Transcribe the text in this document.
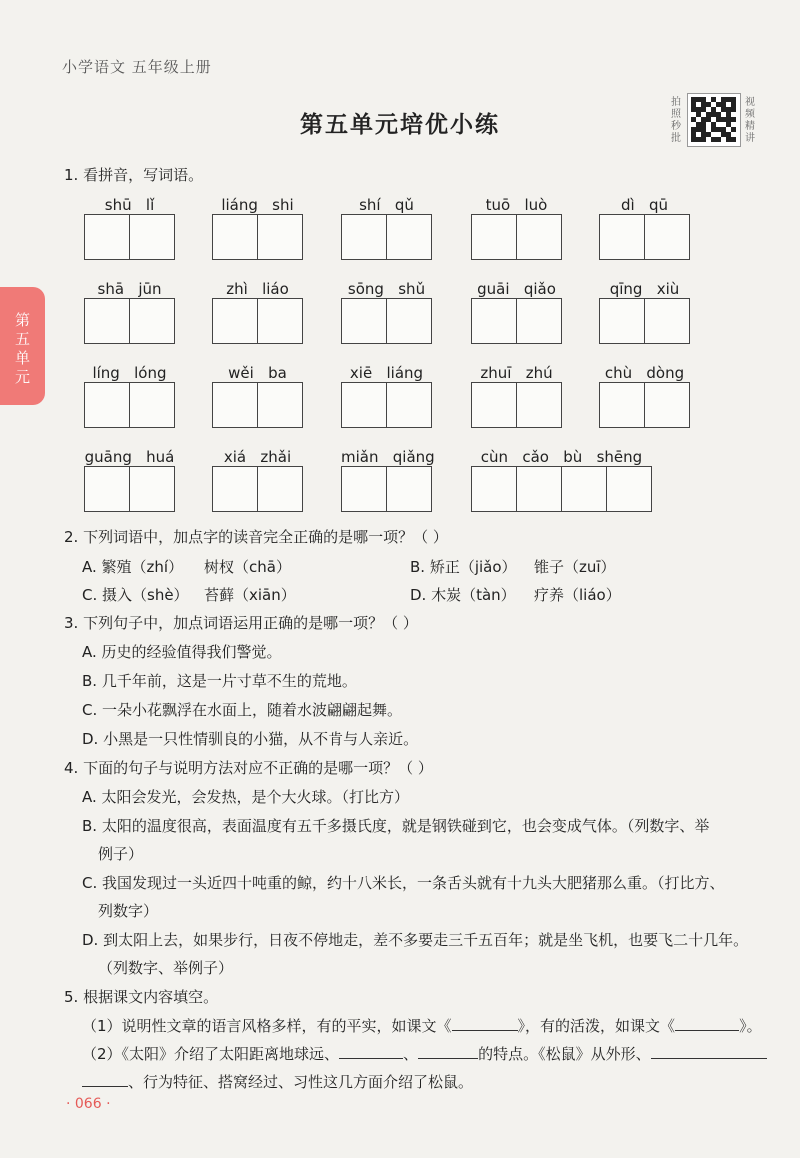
小学语文 五年级上册
第五单元培优小练
拍照秒批
视频精讲
第
五
单
元
1. 看拼音，写词语。
shū   lǐ	liáng   shi	shí   qǔ	tuō   luò	dì   qū
shā   jūn	zhì   liáo	sōng   shǔ	guāi   qiǎo	qīng   xiù
líng   lóng	wěi   ba	xiē   liáng	zhuī   zhú	chù   dòng
guāng   huá	xiá   zhǎi	miǎn   qiǎng	cùn   cǎo   bù   shēng
2. 下列词语中，加点字的读音完全正确的是哪一项？（ ）
A. 繁殖（zhí） 树杈（chā）	B. 矫正（jiǎo） 锥子（zuī）
C. 摄入（shè） 苔藓（xiān）	D. 木炭（tàn） 疗养（liáo）
3. 下列句子中，加点词语运用正确的是哪一项？（ ）
A. 历史的经验值得我们警觉。
B. 几千年前，这是一片寸草不生的荒地。
C. 一朵小花飘浮在水面上，随着水波翩翩起舞。
D. 小黑是一只性情驯良的小猫，从不肯与人亲近。
4. 下面的句子与说明方法对应不正确的是哪一项？（ ）
A. 太阳会发光，会发热，是个大火球。（打比方）
B. 太阳的温度很高，表面温度有五千多摄氏度，就是钢铁碰到它，也会变成气体。（列数字、举
例子）
C. 我国发现过一头近四十吨重的鲸，约十八米长，一条舌头就有十九头大肥猪那么重。（打比方、
列数字）
D. 到太阳上去，如果步行，日夜不停地走，差不多要走三千五百年；就是坐飞机，也要飞二十几年。
（列数字、举例子）
5. 根据课文内容填空。
（1）说明性文章的语言风格多样，有的平实，如课文《	》，有的活泼，如课文《	》。
（2）《太阳》介绍了太阳距离地球远、	、	的特点。《松鼠》从外形、
、行为特征、搭窝经过、习性这几方面介绍了松鼠。
· 066 ·
